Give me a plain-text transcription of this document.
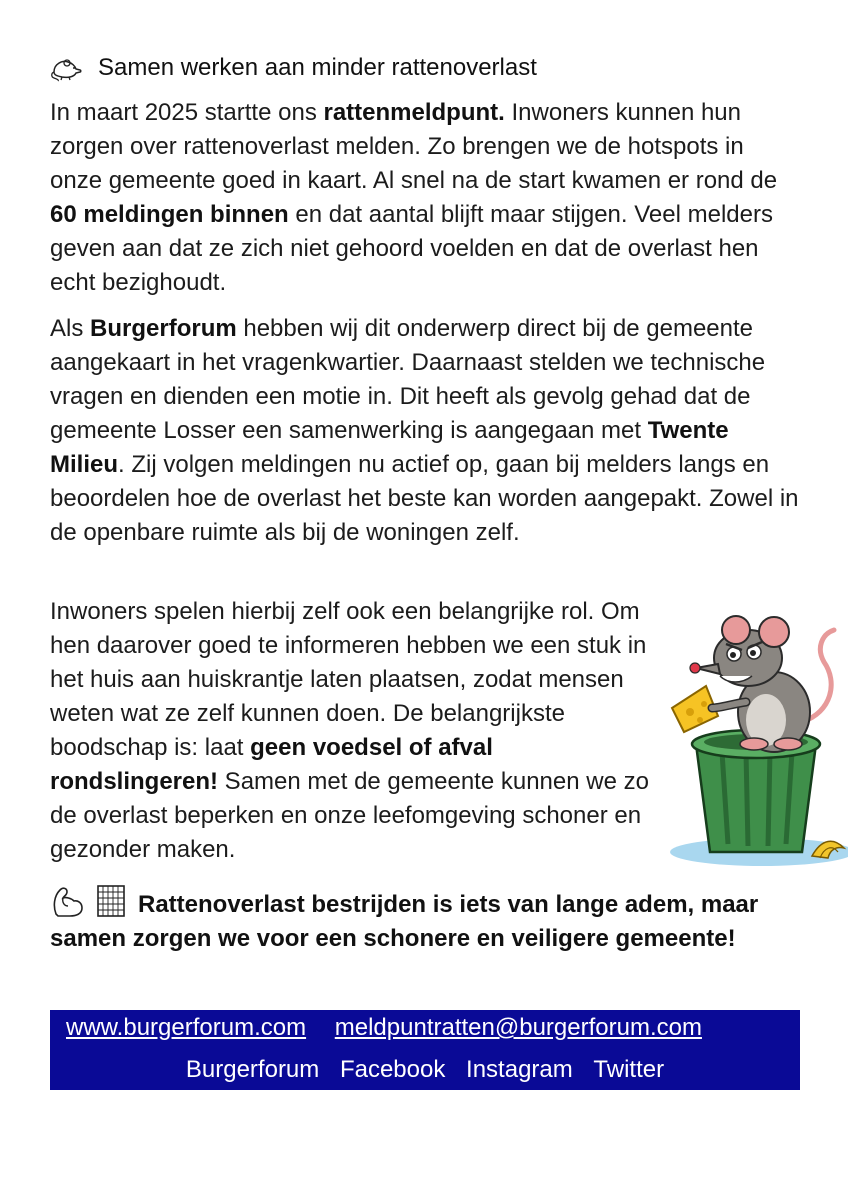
Samen werken aan minder rattenoverlast
In maart 2025 startte ons rattenmeldpunt. Inwoners kunnen hun zorgen over rattenoverlast melden. Zo brengen we de hotspots in onze gemeente goed in kaart. Al snel na de start kwamen er rond de 60 meldingen binnen en dat aantal blijft maar stijgen. Veel melders geven aan dat ze zich niet gehoord voelden en dat de overlast hen echt bezighoudt.
Als Burgerforum hebben wij dit onderwerp direct bij de gemeente aangekaart in het vragenkwartier. Daarnaast stelden we technische vragen en dienden een motie in. Dit heeft als gevolg gehad dat de gemeente Losser een samenwerking is aangegaan met Twente Milieu. Zij volgen meldingen nu actief op, gaan bij melders langs en beoordelen hoe de overlast het beste kan worden aangepakt. Zowel in de openbare ruimte als bij de woningen zelf.
Inwoners spelen hierbij zelf ook een belangrijke rol. Om hen daarover goed te informeren hebben we een stuk in het huis aan huiskrantje laten plaatsen, zodat mensen weten wat ze zelf kunnen doen. De belangrijkste boodschap is: laat geen voedsel of afval rondslingeren! Samen met de gemeente kunnen we zo de overlast beperken en onze leefomgeving schoner en gezonder maken.
Rattenoverlast bestrijden is iets van lange adem, maar samen zorgen we voor een schonere en veiligere gemeente!
www.burgerforum.com meldpuntratten@burgerforum.com
Burgerforum Facebook Instagram Twitter
